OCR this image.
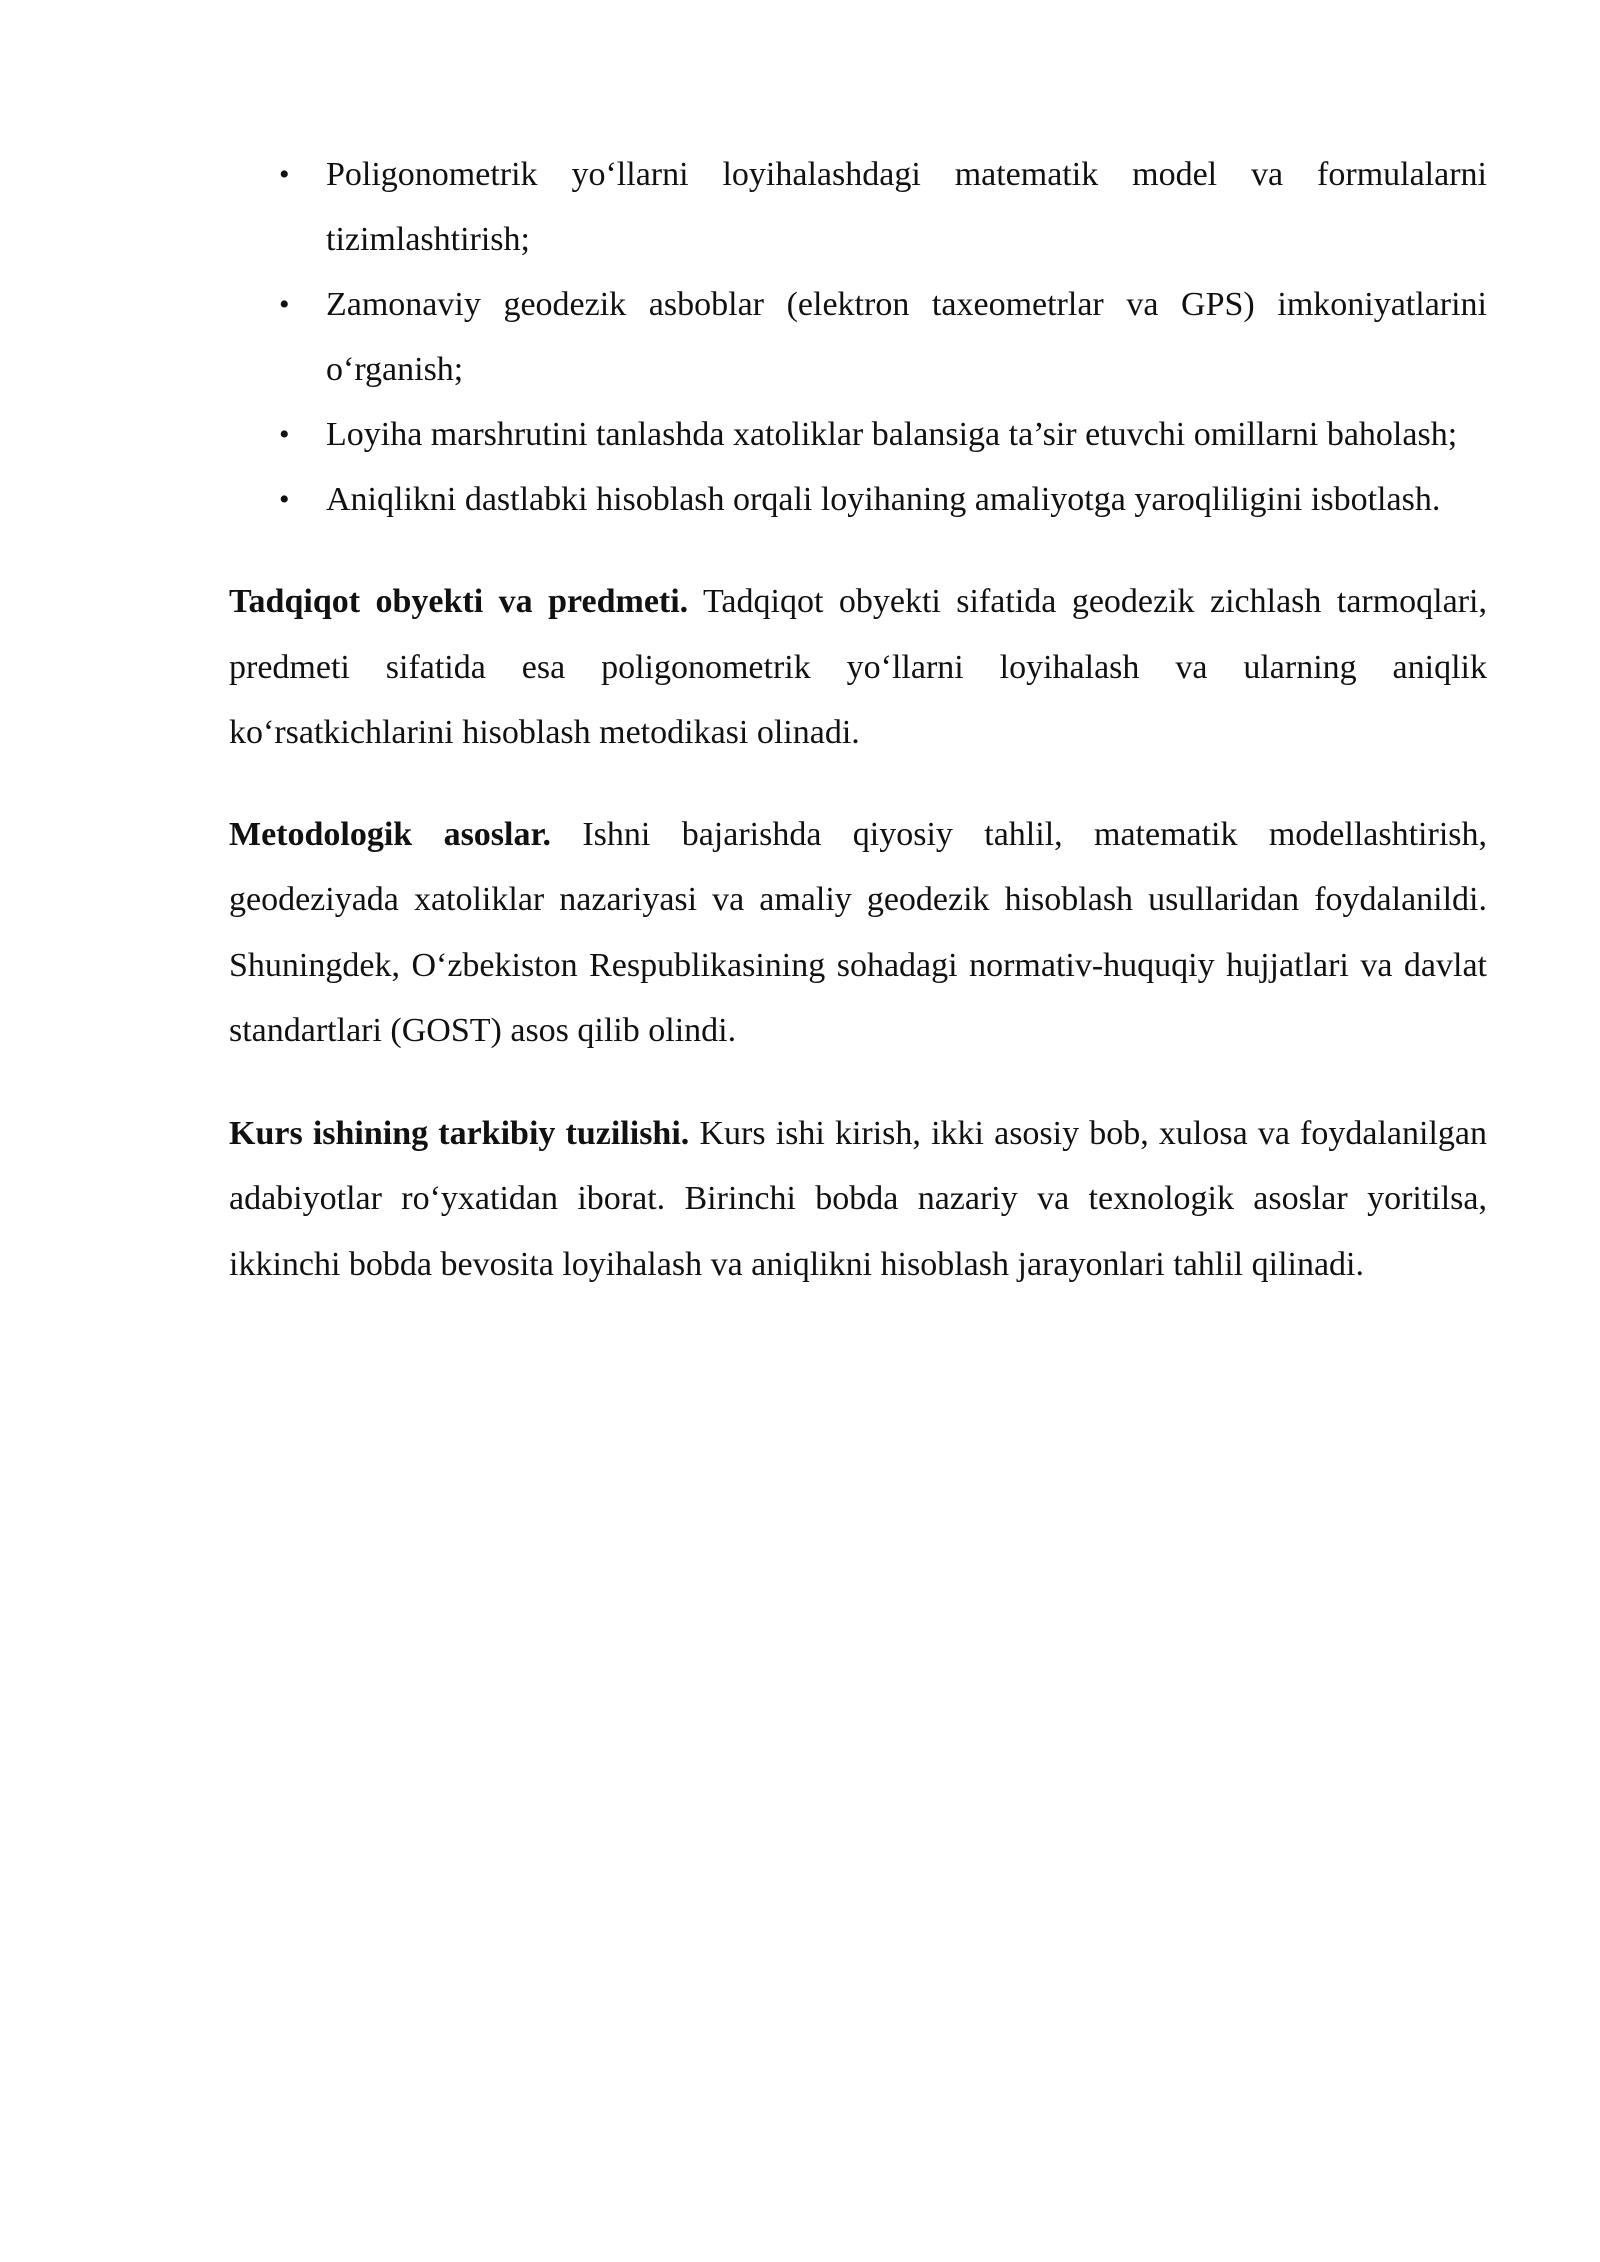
• Poligonometrik yo‘llarni loyihalashdagi matematik model va formulalarni tizimlashtirish;
• Zamonaviy geodezik asboblar (elektron taxeometrlar va GPS) imkoniyatlarini o‘rganish;
• Loyiha marshrutini tanlashda xatoliklar balansiga ta’sir etuvchi omillarni baholash;
• Aniqlikni dastlabki hisoblash orqali loyihaning amaliyotga yaroqliligini isbotlash.

Tadqiqot obyekti va predmeti. Tadqiqot obyekti sifatida geodezik zichlash tarmoqlari, predmeti sifatida esa poligonometrik yo‘llarni loyihalash va ularning aniqlik ko‘rsatkichlarini hisoblash metodikasi olinadi.

Metodologik asoslar. Ishni bajarishda qiyosiy tahlil, matematik modellashtirish, geodeziyada xatoliklar nazariyasi va amaliy geodezik hisoblash usullaridan foydalanildi. Shuningdek, O‘zbekiston Respublikasining sohadagi normativ-huquqiy hujjatlari va davlat standartlari (GOST) asos qilib olindi.

Kurs ishining tarkibiy tuzilishi. Kurs ishi kirish, ikki asosiy bob, xulosa va foydalanilgan adabiyotlar ro‘yxatidan iborat. Birinchi bobda nazariy va texnologik asoslar yoritilsa, ikkinchi bobda bevosita loyihalash va aniqlikni hisoblash jarayonlari tahlil qilinadi.
